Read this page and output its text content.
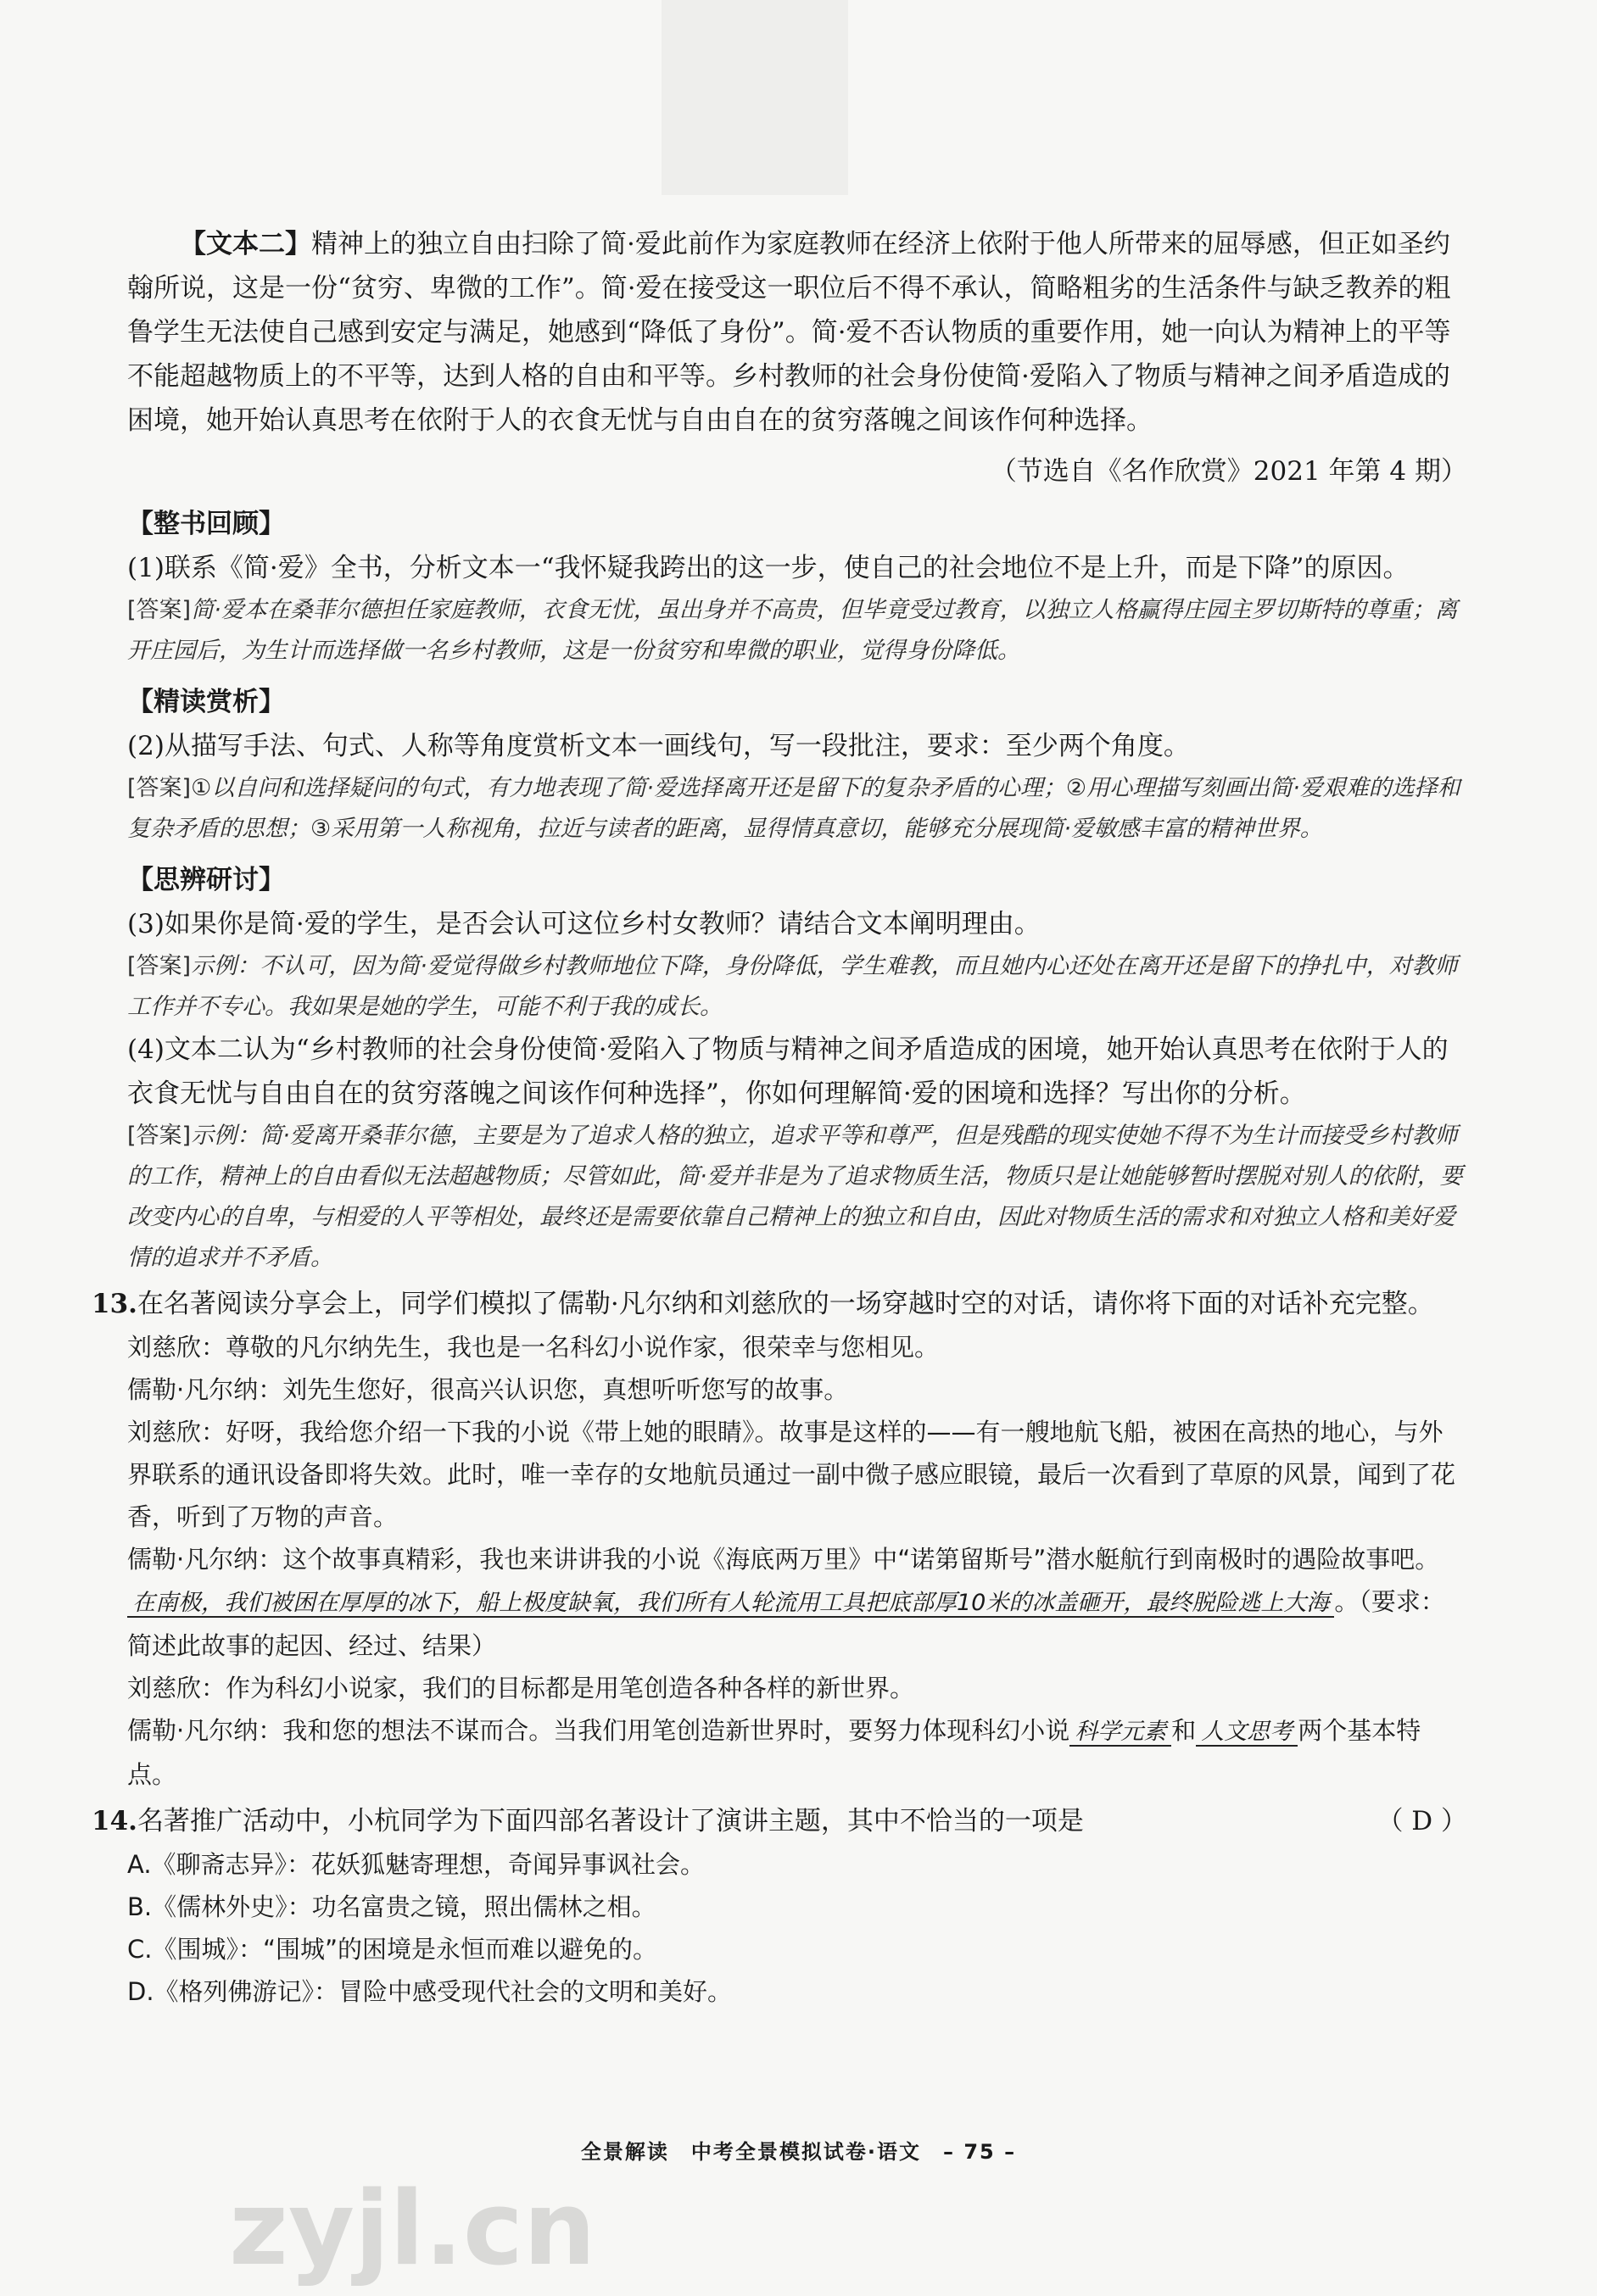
【文本二】精神上的独立自由扫除了简·爱此前作为家庭教师在经济上依附于他人所带来的屈辱感，但正如圣约翰所说，这是一份“贫穷、卑微的工作”。简·爱在接受这一职位后不得不承认，简略粗劣的生活条件与缺乏教养的粗鲁学生无法使自己感到安定与满足，她感到“降低了身份”。简·爱不否认物质的重要作用，她一向认为精神上的平等不能超越物质上的不平等，达到人格的自由和平等。乡村教师的社会身份使简·爱陷入了物质与精神之间矛盾造成的困境，她开始认真思考在依附于人的衣食无忧与自由自在的贫穷落魄之间该作何种选择。

（节选自《名作欣赏》2021 年第 4 期）

【整书回顾】

(1)联系《简·爱》全书，分析文本一“我怀疑我跨出的这一步，使自己的社会地位不是上升，而是下降”的原因。

[答案]简·爱本在桑菲尔德担任家庭教师，衣食无忧，虽出身并不高贵，但毕竟受过教育，以独立人格赢得庄园主罗切斯特的尊重；离开庄园后，为生计而选择做一名乡村教师，这是一份贫穷和卑微的职业，觉得身份降低。

【精读赏析】

(2)从描写手法、句式、人称等角度赏析文本一画线句，写一段批注，要求：至少两个角度。

[答案]①以自问和选择疑问的句式，有力地表现了简·爱选择离开还是留下的复杂矛盾的心理；②用心理描写刻画出简·爱艰难的选择和复杂矛盾的思想；③采用第一人称视角，拉近与读者的距离，显得情真意切，能够充分展现简·爱敏感丰富的精神世界。

【思辨研讨】

(3)如果你是简·爱的学生，是否会认可这位乡村女教师？请结合文本阐明理由。

[答案]示例：不认可，因为简·爱觉得做乡村教师地位下降，身份降低，学生难教，而且她内心还处在离开还是留下的挣扎中，对教师工作并不专心。我如果是她的学生，可能不利于我的成长。

(4)文本二认为“乡村教师的社会身份使简·爱陷入了物质与精神之间矛盾造成的困境，她开始认真思考在依附于人的衣食无忧与自由自在的贫穷落魄之间该作何种选择”，你如何理解简·爱的困境和选择？写出你的分析。

[答案]示例：简·爱离开桑菲尔德，主要是为了追求人格的独立，追求平等和尊严，但是残酷的现实使她不得不为生计而接受乡村教师的工作，精神上的自由看似无法超越物质；尽管如此，简·爱并非是为了追求物质生活，物质只是让她能够暂时摆脱对别人的依附，要改变内心的自卑，与相爱的人平等相处，最终还是需要依靠自己精神上的独立和自由，因此对物质生活的需求和对独立人格和美好爱情的追求并不矛盾。

13.在名著阅读分享会上，同学们模拟了儒勒·凡尔纳和刘慈欣的一场穿越时空的对话，请你将下面的对话补充完整。

刘慈欣：尊敬的凡尔纳先生，我也是一名科幻小说作家，很荣幸与您相见。

儒勒·凡尔纳：刘先生您好，很高兴认识您，真想听听您写的故事。

刘慈欣：好呀，我给您介绍一下我的小说《带上她的眼睛》。故事是这样的——有一艘地航飞船，被困在高热的地心，与外界联系的通讯设备即将失效。此时，唯一幸存的女地航员通过一副中微子感应眼镜，最后一次看到了草原的风景，闻到了花香，听到了万物的声音。

儒勒·凡尔纳：这个故事真精彩，我也来讲讲我的小说《海底两万里》中“诺第留斯号”潜水艇航行到南极时的遇险故事吧。在南极，我们被困在厚厚的冰下，船上极度缺氧，我们所有人轮流用工具把底部厚10米的冰盖砸开，最终脱险逃上大海 。（要求：简述此故事的起因、经过、结果）

刘慈欣：作为科幻小说家，我们的目标都是用笔创造各种各样的新世界。

儒勒·凡尔纳：我和您的想法不谋而合。当我们用笔创造新世界时，要努力体现科幻小说 科学元素 和 人文思考 两个基本特点。

14.名著推广活动中，小杭同学为下面四部名著设计了演讲主题，其中不恰当的一项是	（ D ）

A.《聊斋志异》：花妖狐魅寄理想，奇闻异事讽社会。

B.《儒林外史》：功名富贵之镜，照出儒林之相。

C.《围城》：“围城”的困境是永恒而难以避免的。

D.《格列佛游记》：冒险中感受现代社会的文明和美好。

全景解读　中考全景模拟试卷·语文　– 75 –
zyjl.cn
